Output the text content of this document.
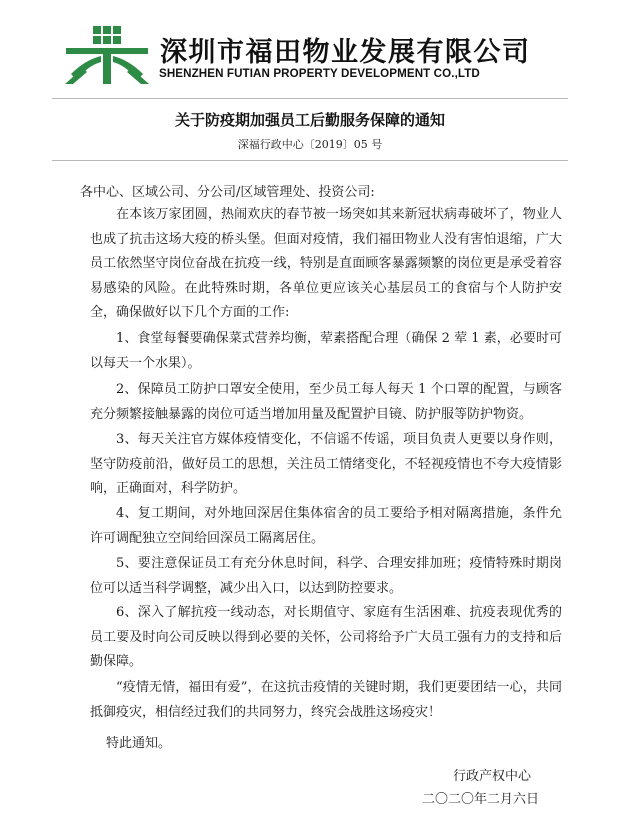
深圳市福田物业发展有限公司
SHENZHEN FUTIAN PROPERTY DEVELOPMENT CO.,LTD
关于防疫期加强员工后勤服务保障的通知
深福行政中心〔2019〕05 号
各中心、区域公司、分公司/区域管理处、投资公司:

在本该万家团圆，热闹欢庆的春节被一场突如其来新冠状病毒破坏了，物业人也成了抗击这场大疫的桥头堡。但面对疫情，我们福田物业人没有害怕退缩，广大员工依然坚守岗位奋战在抗疫一线，特别是直面顾客暴露频繁的岗位更是承受着容易感染的风险。在此特殊时期，各单位更应该关心基层员工的食宿与个人防护安全，确保做好以下几个方面的工作:

1、食堂每餐要确保菜式营养均衡，荤素搭配合理（确保 2 荤 1 素，必要时可以每天一个水果）。

2、保障员工防护口罩安全使用，至少员工每人每天 1 个口罩的配置，与顾客充分频繁接触暴露的岗位可适当增加用量及配置护目镜、防护服等防护物资。

3、每天关注官方媒体疫情变化，不信谣不传谣，项目负责人更要以身作则，坚守防疫前沿，做好员工的思想，关注员工情绪变化，不轻视疫情也不夸大疫情影响，正确面对，科学防护。

4、复工期间，对外地回深居住集体宿舍的员工要给予相对隔离措施，条件允许可调配独立空间给回深员工隔离居住。

5、要注意保证员工有充分休息时间，科学、合理安排加班；疫情特殊时期岗位可以适当科学调整，减少出入口，以达到防控要求。

6、深入了解抗疫一线动态，对长期值守、家庭有生活困难、抗疫表现优秀的员工要及时向公司反映以得到必要的关怀，公司将给予广大员工强有力的支持和后勤保障。

“疫情无情，福田有爱”，在这抗击疫情的关键时期，我们更要团结一心，共同抵御疫灾，相信经过我们的共同努力，终究会战胜这场疫灾！

特此通知。
行政产权中心
二〇二〇年二月六日
